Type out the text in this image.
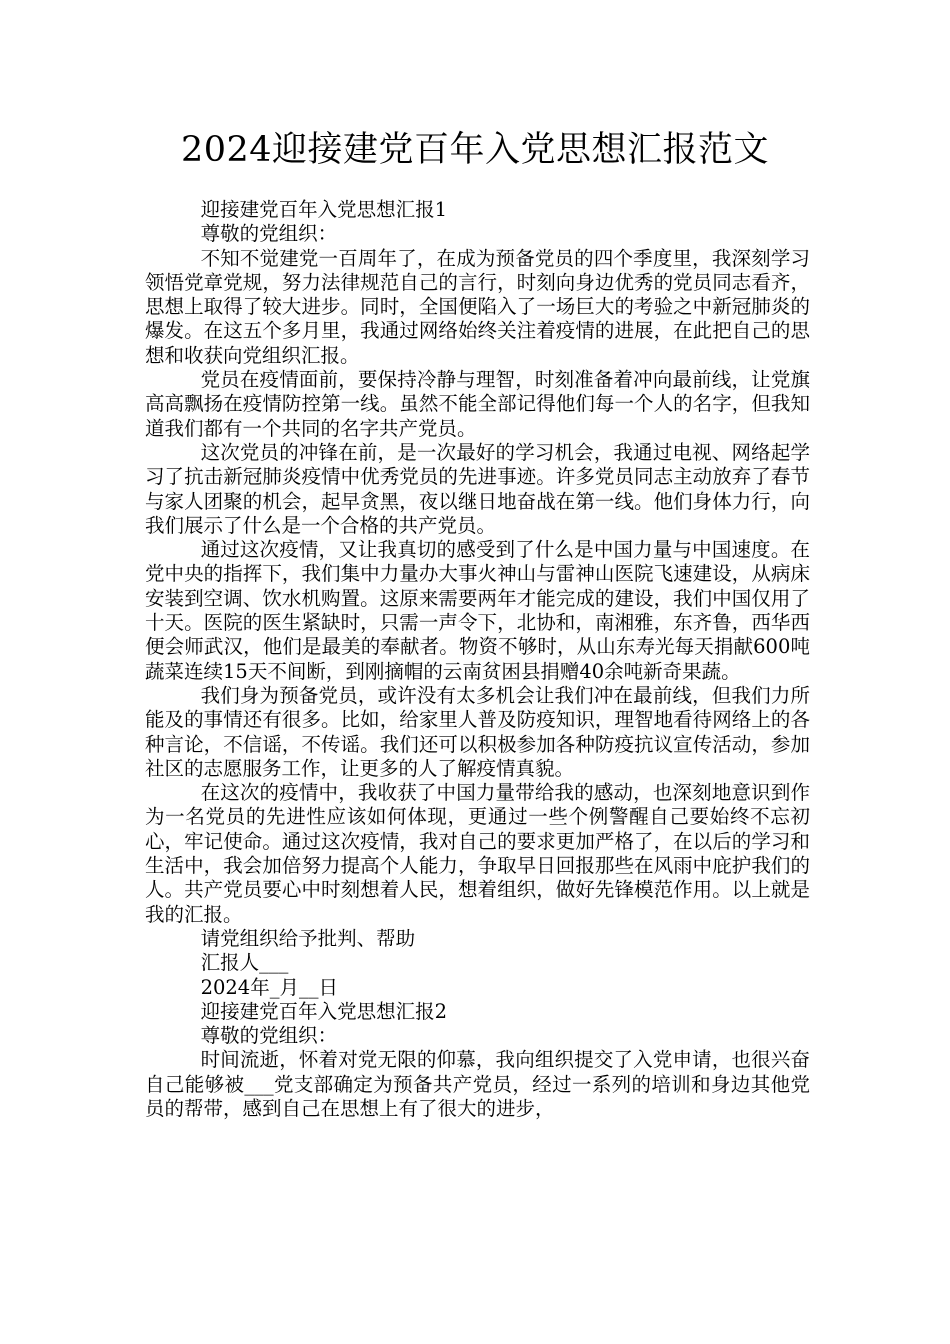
2024迎接建党百年入党思想汇报范文

迎接建党百年入党思想汇报1

尊敬的党组织：

不知不觉建党一百周年了，在成为预备党员的四个季度里，我深刻学习领悟党章党规，努力法律规范自己的言行，时刻向身边优秀的党员同志看齐，思想上取得了较大进步。同时，全国便陷入了一场巨大的考验之中新冠肺炎的爆发。在这五个多月里，我通过网络始终关注着疫情的进展，在此把自己的思想和收获向党组织汇报。

党员在疫情面前，要保持冷静与理智，时刻准备着冲向最前线，让党旗高高飘扬在疫情防控第一线。虽然不能全部记得他们每一个人的名字，但我知道我们都有一个共同的名字共产党员。

这次党员的冲锋在前，是一次最好的学习机会，我通过电视、网络起学习了抗击新冠肺炎疫情中优秀党员的先进事迹。许多党员同志主动放弃了春节与家人团聚的机会，起早贪黑，夜以继日地奋战在第一线。他们身体力行，向我们展示了什么是一个合格的共产党员。

通过这次疫情，又让我真切的感受到了什么是中国力量与中国速度。在党中央的指挥下，我们集中力量办大事火神山与雷神山医院飞速建设，从病床安装到空调、饮水机购置。这原来需要两年才能完成的建设，我们中国仅用了十天。医院的医生紧缺时，只需一声令下，北协和，南湘雅，东齐鲁，西华西便会师武汉，他们是最美的奉献者。物资不够时，从山东寿光每天捐献600吨蔬菜连续15天不间断，到刚摘帽的云南贫困县捐赠40余吨新奇果蔬。

我们身为预备党员，或许没有太多机会让我们冲在最前线，但我们力所能及的事情还有很多。比如，给家里人普及防疫知识，理智地看待网络上的各种言论，不信谣，不传谣。我们还可以积极参加各种防疫抗议宣传活动，参加社区的志愿服务工作，让更多的人了解疫情真貌。

在这次的疫情中，我收获了中国力量带给我的感动，也深刻地意识到作为一名党员的先进性应该如何体现，更通过一些个例警醒自己要始终不忘初心，牢记使命。通过这次疫情，我对自己的要求更加严格了，在以后的学习和生活中，我会加倍努力提高个人能力，争取早日回报那些在风雨中庇护我们的人。共产党员要心中时刻想着人民，想着组织，做好先锋模范作用。以上就是我的汇报。

请党组织给予批判、帮助

汇报人___

2024年_月__日

迎接建党百年入党思想汇报2

尊敬的党组织：

时间流逝，怀着对党无限的仰慕，我向组织提交了入党申请，也很兴奋自己能够被___党支部确定为预备共产党员，经过一系列的培训和身边其他党员的帮带，感到自己在思想上有了很大的进步，
